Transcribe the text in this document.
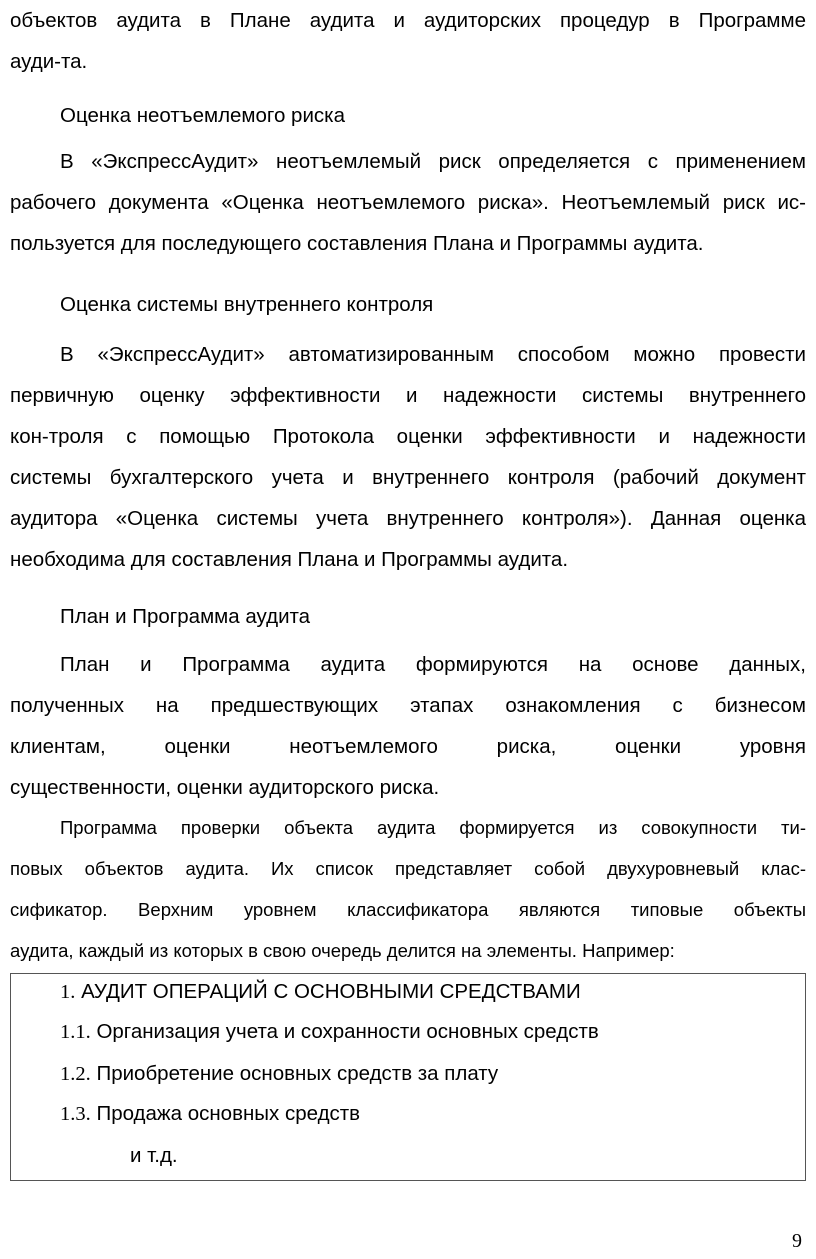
объектов аудита в Плане аудита и аудиторских процедур в Программе
ауди-та.

Оценка неотъемлемого риска

В «ЭкспрессАудит» неотъемлемый риск определяется с применением
рабочего документа «Оценка неотъемлемого риска». Неотъемлемый риск ис-
пользуется для последующего составления Плана и Программы аудита.

Оценка системы внутреннего контроля

В «ЭкспрессАудит» автоматизированным способом можно провести
первичную оценку эффективности и надежности системы внутреннего
кон-троля с помощью Протокола оценки эффективности и надежности
системы бухгалтерского учета и внутреннего контроля (рабочий документ
аудитора «Оценка системы учета внутреннего контроля»). Данная оценка
необходима для составления Плана и Программы аудита.

План и Программа аудита

План и Программа аудита формируются на основе данных,
полученных на предшествующих этапах ознакомления с бизнесом
клиентам, оценки неотъемлемого риска, оценки уровня
существенности, оценки аудиторского риска.

Программа проверки объекта аудита формируется из совокупности ти-
повых объектов аудита. Их список представляет собой двухуровневый клас-
сификатор. Верхним уровнем классификатора являются типовые объекты
аудита, каждый из которых в свою очередь делится на элементы. Например:

1. АУДИТ ОПЕРАЦИЙ С ОСНОВНЫМИ СРЕДСТВАМИ
1.1. Организация учета и сохранности основных средств
1.2. Приобретение основных средств за плату
1.3. Продажа основных средств
и т.д.
9
